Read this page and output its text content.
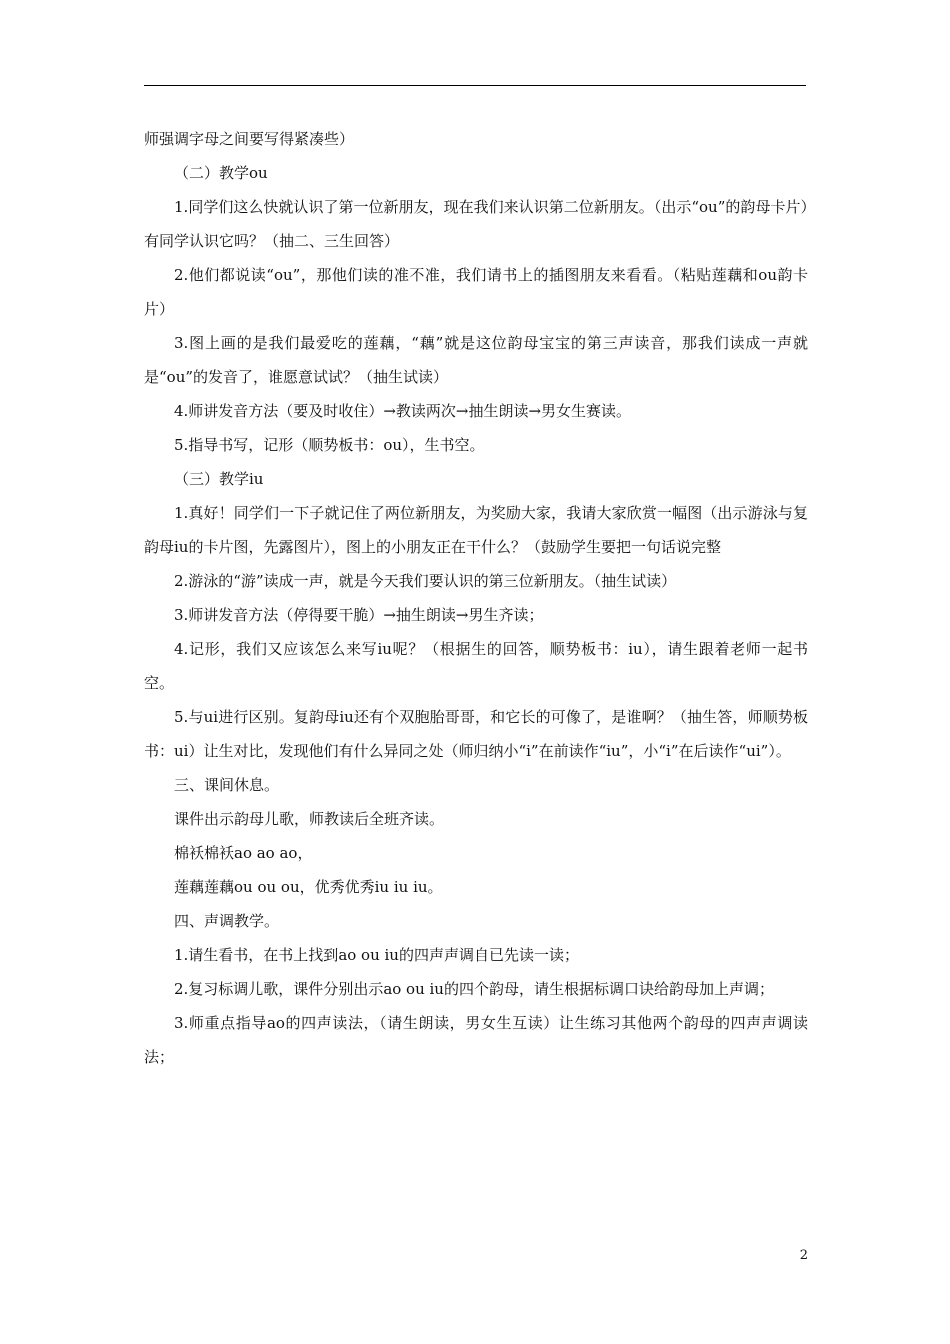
师强调字母之间要写得紧凑些）

（二）教学ou

1.同学们这么快就认识了第一位新朋友，现在我们来认识第二位新朋友。（出示“ou”的韵母卡片）有同学认识它吗？（抽二、三生回答）

2.他们都说读“ou”，那他们读的准不准，我们请书上的插图朋友来看看。（粘贴莲藕和ou韵卡片）

3.图上画的是我们最爱吃的莲藕，“藕”就是这位韵母宝宝的第三声读音，那我们读成一声就是“ou”的发音了，谁愿意试试？（抽生试读）

4.师讲发音方法（要及时收住）→教读两次→抽生朗读→男女生赛读。

5.指导书写，记形（顺势板书：ou），生书空。

（三）教学iu

1.真好！同学们一下子就记住了两位新朋友，为奖励大家，我请大家欣赏一幅图（出示游泳与复韵母iu的卡片图，先露图片），图上的小朋友正在干什么？（鼓励学生要把一句话说完整

2.游泳的“游”读成一声，就是今天我们要认识的第三位新朋友。（抽生试读）

3.师讲发音方法（停得要干脆）→抽生朗读→男生齐读；

4.记形，我们又应该怎么来写iu呢？（根据生的回答，顺势板书：iu），请生跟着老师一起书空。

5.与ui进行区别。复韵母iu还有个双胞胎哥哥，和它长的可像了，是谁啊？（抽生答，师顺势板书：ui）让生对比，发现他们有什么异同之处（师归纳小“i”在前读作“iu”，小“i”在后读作“ui”）。

三、课间休息。

课件出示韵母儿歌，师教读后全班齐读。

棉袄棉袄ao ao ao，

莲藕莲藕ou ou ou，优秀优秀iu iu iu。

四、声调教学。

1.请生看书，在书上找到ao ou iu的四声声调自已先读一读；

2.复习标调儿歌，课件分别出示ao ou iu的四个韵母，请生根据标调口诀给韵母加上声调；

3.师重点指导ao的四声读法，（请生朗读，男女生互读）让生练习其他两个韵母的四声声调读法；

2
